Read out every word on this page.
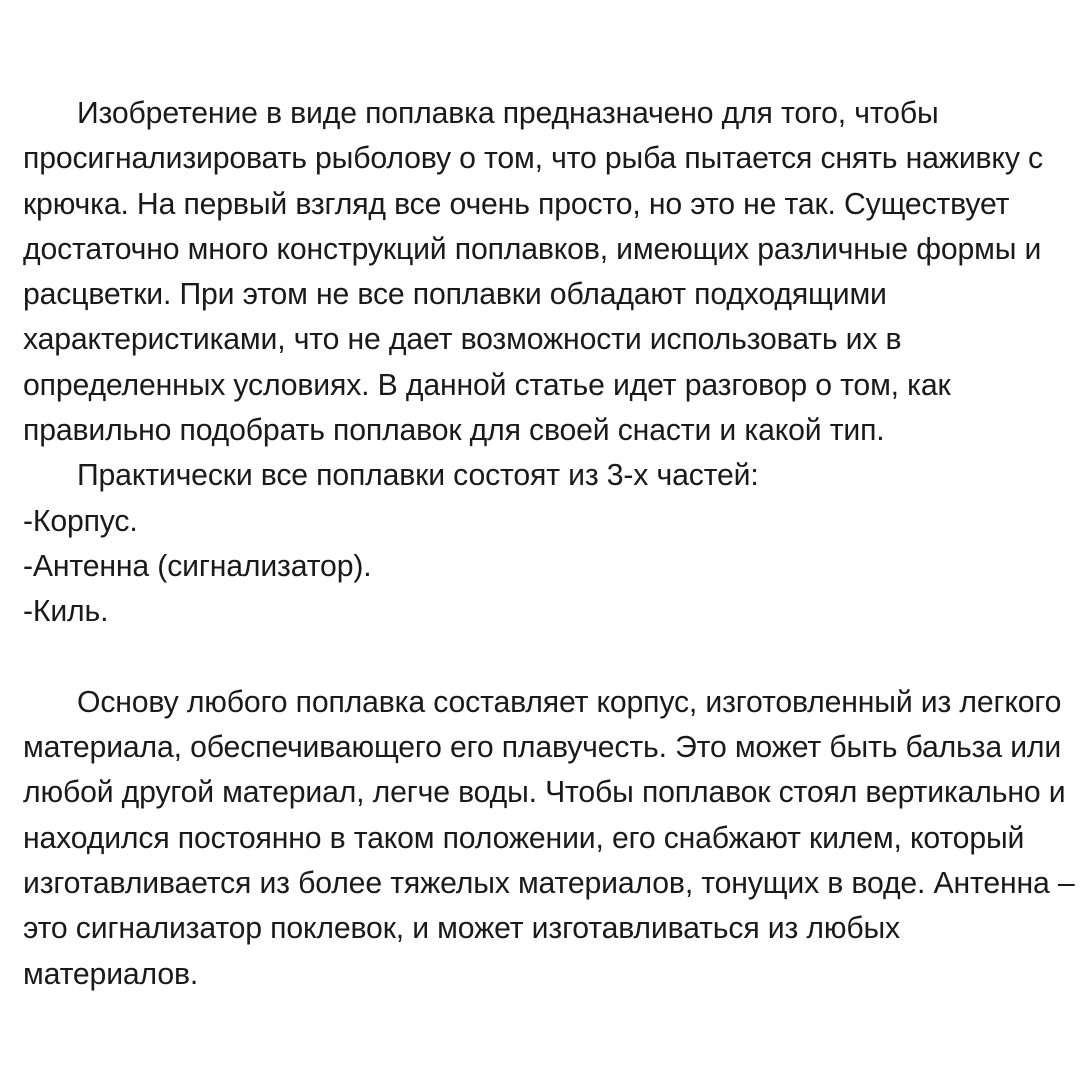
Изобретение в виде поплавка предназначено для того, чтобы просигнализировать рыболову о том, что рыба пытается снять наживку с крючка. На первый взгляд все очень просто, но это не так. Существует достаточно много конструкций поплавков, имеющих различные формы и расцветки. При этом не все поплавки обладают подходящими характеристиками, что не дает возможности использовать их в определенных условиях. В данной статье идет разговор о том, как правильно подобрать поплавок для своей снасти и какой тип.

Практически все поплавки состоят из 3-х частей:

-Корпус.

-Антенна (сигнализатор).

-Киль.

Основу любого поплавка составляет корпус, изготовленный из легкого материала, обеспечивающего его плавучесть. Это может быть бальза или любой другой материал, легче воды. Чтобы поплавок стоял вертикально и находился постоянно в таком положении, его снабжают килем, который изготавливается из более тяжелых материалов, тонущих в воде. Антенна – это сигнализатор поклевок, и может изготавливаться из любых материалов.
